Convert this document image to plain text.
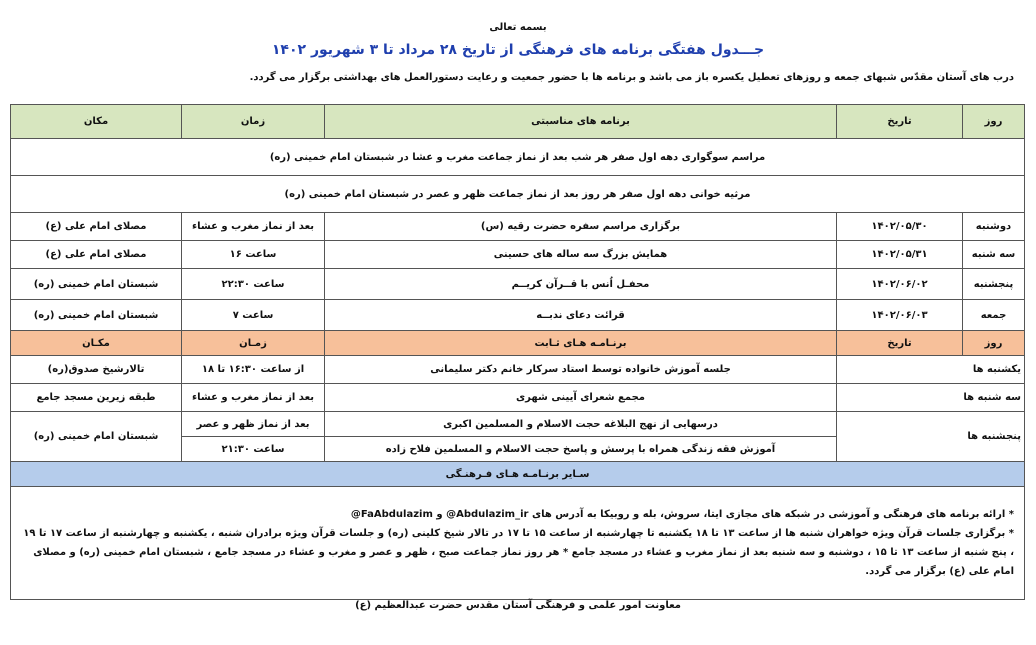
بسمه تعالی
جـــدول هفتگی برنامه های فرهنگی از تاریخ ۲۸ مرداد تا ۳ شهریور ۱۴۰۲
درب های آستان مقدّس شبهای جمعه و روزهای تعطیل یکسره باز می باشد و برنامه ها با حضور جمعیت و رعایت دستورالعمل های بهداشتی برگزار می گردد.
روز	تاریخ	برنامه های مناسبتی	زمان	مکان
مراسم سوگواری دهه اول صفر هر شب بعد از نماز جماعت مغرب و عشا در شبستان امام خمینی (ره)				
مرثیه خوانی دهه اول صفر هر روز بعد از نماز جماعت ظهر و عصر در شبستان امام خمینی (ره)				
دوشنبه	۱۴۰۲/۰۵/۳۰	برگزاری مراسم سفره حضرت رقیه (س)	بعد از نماز مغرب و عشاء	مصلای امام علی (ع)
سه شنبه	۱۴۰۲/۰۵/۳۱	همایش بزرگ سه ساله های حسینی	ساعت ۱۶	مصلای امام علی (ع)
پنجشنبه	۱۴۰۲/۰۶/۰۲	محفـل اُنس با قــرآن کریــم	ساعت ۲۲:۳۰	شبستان امام خمینی (ره)
جمعه	۱۴۰۲/۰۶/۰۳	قرائت دعای ندبــه	ساعت ۷	شبستان امام خمینی (ره)
روز	تاریخ	برنـامـه هـای ثـابت	زمـان	مکـان
یکشنبه ها		جلسه آموزش خانواده توسط استاد سرکار خانم دکتر سلیمانی	از ساعت ۱۶:۳۰ تا ۱۸	تالارشیخ صدوق(ره)
سه شنبه ها		مجمع شعرای آیینی شهری	بعد از نماز مغرب و عشاء	طبقه زیرین مسجد جامع
پنجشنبه ها		درسهایی از نهج البلاغه حجت الاسلام و المسلمین اکبری	بعد از نماز ظهر و عصر	شبستان امام خمینی (ره)
		آموزش فقه زندگی همراه با پرسش و پاسخ حجت الاسلام و المسلمین فلاح زاده	ساعت ۲۱:۳۰	
سـایر برنـامـه هـای فـرهنـگی				

* ارائه برنامه های فرهنگی و آموزشی در شبکه های مجازی ایتا، سروش، بله و روبیکا به آدرس های @Abdulazim_ir و @FaAbdulazim
* برگزاری جلسات قرآن ویژه خواهران شنبه ها از ساعت ۱۳ تا ۱۸ یکشنبه تا چهارشنبه از ساعت ۱۵ تا ۱۷ در تالار شیخ کلینی (ره) و جلسات قرآن ویژه برادران شنبه ، یکشنبه و چهارشنبه از ساعت ۱۷ تا ۱۹ ، پنج شنبه از ساعت ۱۳ تا ۱۵ ، دوشنبه و سه شنبه بعد از نماز مغرب و عشاء در مسجد جامع * هر روز نماز جماعت صبح ، ظهر و عصر و مغرب و عشاء در مسجد جامع ، شبستان امام خمینی (ره) و مصلای امام علی (ع) برگزار می گردد.				
معاونت امور علمی و فرهنگی آستان مقدس حضرت عبدالعظیم (ع)
